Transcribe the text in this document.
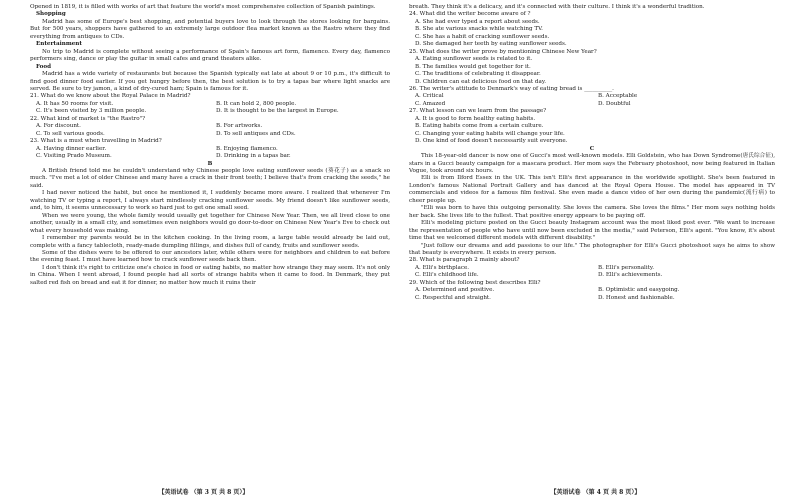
Opened in 1819, it is filled with works of art that feature the world's most comprehensive collection of Spanish paintings.

Shopping

Madrid has some of Europe's best shopping, and potential buyers love to look through the stores looking for bargains. But for 500 years, shoppers have gathered to an extremely large outdoor flea market known as the Rastro where they find everything from antiques to CDs.

Entertainment

No trip to Madrid is complete without seeing a performance of Spain's famous art form, flamenco. Every day, flamenco performers sing, dance or play the guitar in small cafes and grand theaters alike.

Food

Madrid has a wide variety of restaurants but because the Spanish typically eat late at about 9 or 10 p.m., it's difficult to find good dinner food earlier. If you get hungry before then, the best solution is to try a tapas bar where light snacks are served. Be sure to try jamon, a kind of dry-cured ham; Spain is famous for it.

21. What do we know about the Royal Palace in Madrid?

A. It has 50 rooms for visit.	B. It can hold 2, 800 people.
C. It's been visited by 3 million people.	D. It is thought to be the largest in Europe.

22. What kind of market is "the Rastro"?

A. For discount.	B. For artworks.
C. To sell various goods.	D. To sell antiques and CDs.

23. What is a must when travelling in Madrid?

A. Having dinner earlier.	B. Enjoying flamenco.
C. Visiting Prado Museum.	D. Drinking in a tapas bar.

B

A British friend told me he couldn't understand why Chinese people love eating sunflower seeds (葵花子) as a snack so much. "I've met a lot of older Chinese and many have a crack in their front teeth; I believe that's from cracking the seeds," he said.

I had never noticed the habit, but once he mentioned it, I suddenly became more aware. I realized that whenever I'm watching TV or typing a report, I always start mindlessly cracking sunflower seeds. My friend doesn't like sunflower seeds, and, to him, it seems unnecessary to work so hard just to get one small seed.

When we were young, the whole family would usually get together for Chinese New Year. Then, we all lived close to one another, usually in a small city, and sometimes even neighbors would go door-to-door on Chinese New Year's Eve to check out what every household was making.

I remember my parents would be in the kitchen cooking. In the living room, a large table would already be laid out, complete with a fancy tablecloth, ready-made dumpling fillings, and dishes full of candy, fruits and sunflower seeds.

Some of the dishes were to be offered to our ancestors later, while others were for neighbors and children to eat before the evening feast. I must have learned how to crack sunflower seeds back then.

I don't think it's right to criticize one's choice in food or eating habits, no matter how strange they may seem. It's not only in China. When I went abroad, I found people had all sorts of strange habits when it came to food. In Denmark, they put salted red fish on bread and eat it for dinner, no matter how much it ruins their

【英语试卷 （第 3 页 共 8 页）】

breath. They think it's a delicacy, and it's connected with their culture. I think it's a wonderful tradition.

24. What did the writer become aware of ?

A. She had ever typed a report about seeds.
B. She ate various snacks while watching TV.
C. She has a habit of cracking sunflower seeds.
D. She damaged her teeth by eating sunflower seeds.

25. What does the writer prove by mentioning Chinese New Year?

A. Eating sunflower seeds is related to it.
B. The families would get together for it.
C. The traditions of celebrating it disappear.
D. Children can eat delicious food on that day.

26. The writer's attitude to Denmark's way of eating bread is __________.

A. Critical	B. Acceptable
C. Amazed	D. Doubtful

27. What lesson can we learn from the passage?

A. It is good to form healthy eating habits.
B. Eating habits come from a certain culture.
C. Changing your eating habits will change your life.
D. One kind of food doesn't necessarily suit everyone.

C

This 18-year-old dancer is now one of Gucci's most well-known models. Elli Goldstein, who has Down Syndrome(唐氏综合征), stars in a Gucci beauty campaign for a mascara product. Her mom says the February photoshoot, now being featured in Italian Vogue, took around six hours.

Elli is from Ilford Essex in the UK. This isn't Elli's first appearance in the worldwide spotlight. She's been featured in London's famous National Portrait Gallery and has danced at the Royal Opera House. The model has appeared in TV commercials and videos for a famous film festival. She even made a dance video of her own during the pandemic(流行病) to cheer people up.

"Elli was born to have this outgoing personality. She loves the camera. She loves the films." Her mom says nothing holds her back. She lives life to the fullest. That positive energy appears to be paying off.

Elli's modeling picture posted on the Gucci beauty Instagram account was the most liked post ever. "We want to increase the representation of people who have until now been excluded in the media," said Peterson, Elli's agent. "You know, it's about time that we welcomed different models with different disability."

"Just follow our dreams and add passions to our life." The photographer for Elli's Gucci photoshoot says he aims to show that beauty is everywhere. It exists in every person.

28. What is paragraph 2 mainly about?

A. Elli's birthplace.	B. Elli's personality.
C. Elli's childhood life.	D. Elli's achievements.

29. Which of the following best describes Elli?

A. Determined and positive.	B. Optimistic and easygoing.
C. Respectful and straight.	D. Honest and fashionable.
【英语试卷 （第 4 页 共 8 页）】
